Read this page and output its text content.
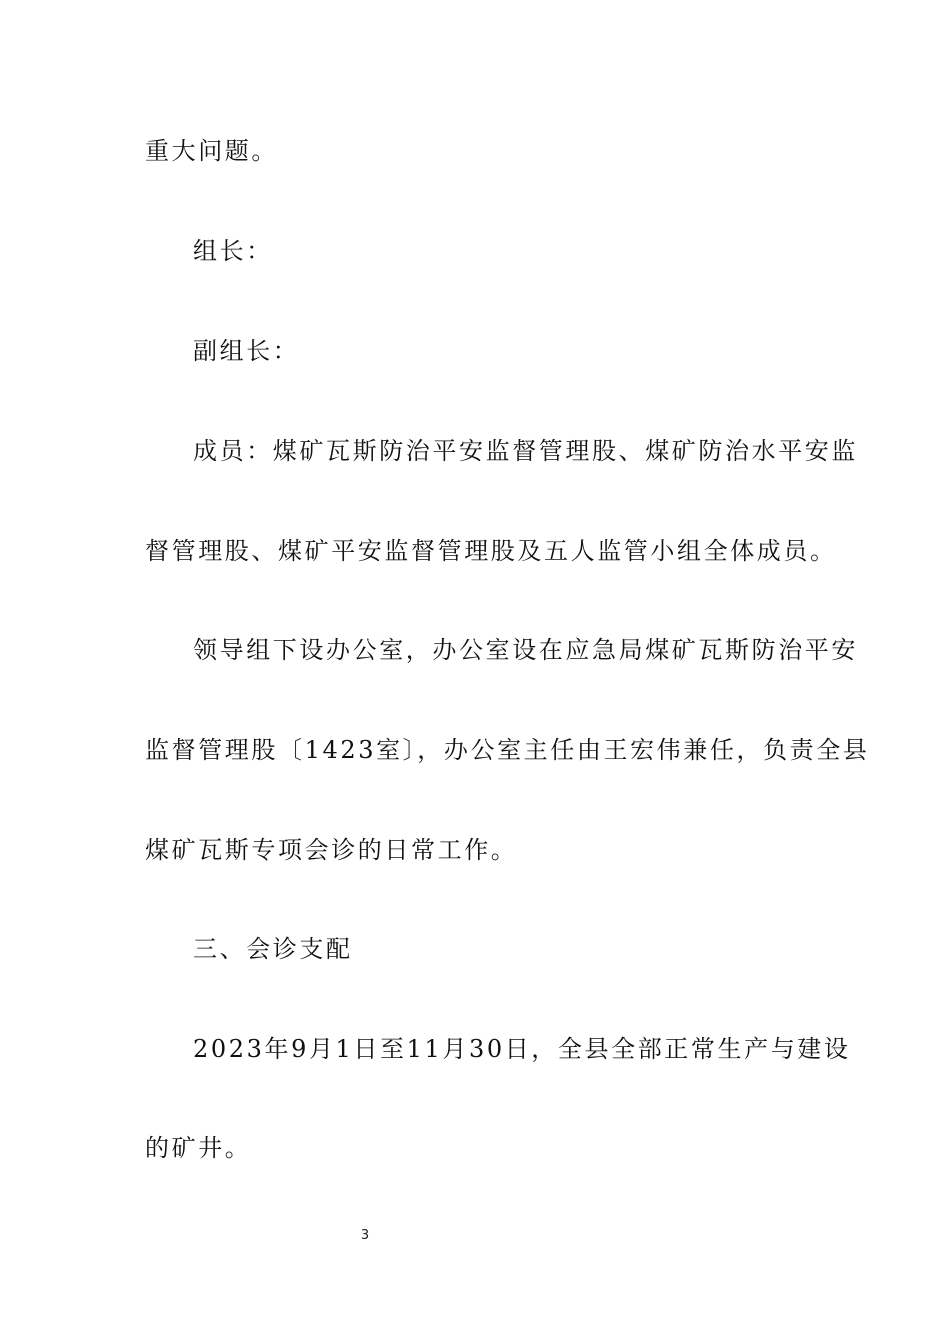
重大问题。
组长：
副组长：
成员：煤矿瓦斯防治平安监督管理股、煤矿防治水平安监
督管理股、煤矿平安监督管理股及五人监管小组全体成员。
领导组下设办公室，办公室设在应急局煤矿瓦斯防治平安
监督管理股〔1423室〕，办公室主任由王宏伟兼任，负责全县
煤矿瓦斯专项会诊的日常工作。
三、会诊支配
2023年9月1日至11月30日，全县全部正常生产与建设
的矿井。
3
